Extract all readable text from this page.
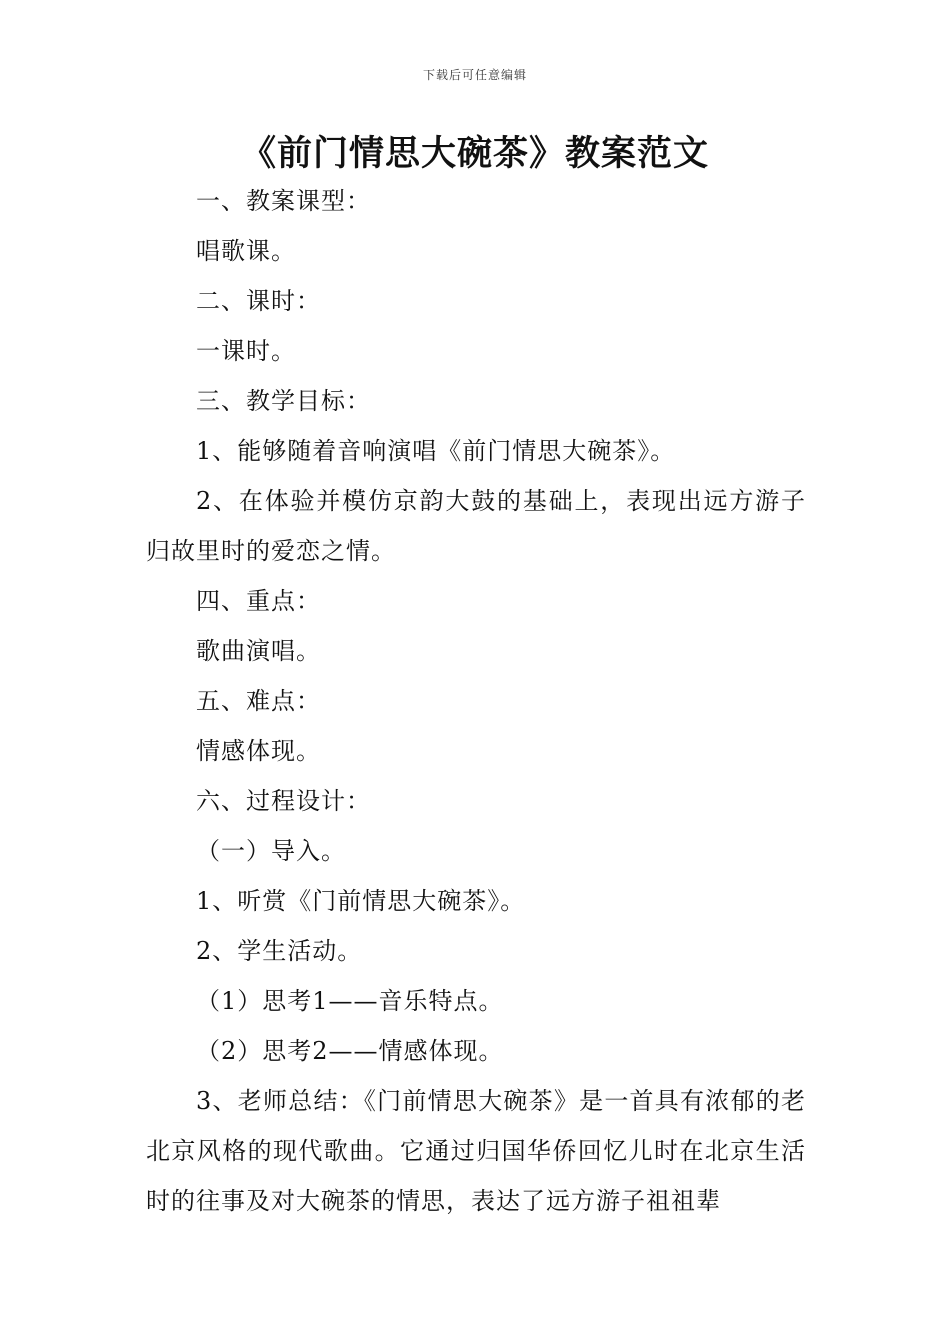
下载后可任意编辑
《前门情思大碗茶》教案范文

一、教案课型：

唱歌课。

二、课时：

一课时。

三、教学目标：

1、能够随着音响演唱《前门情思大碗茶》。

2、在体验并模仿京韵大鼓的基础上，表现出远方游子归故里时的爱恋之情。

四、重点：

歌曲演唱。

五、难点：

情感体现。

六、过程设计：

（一）导入。

1、听赏《门前情思大碗茶》。

2、学生活动。

（1）思考1——音乐特点。

（2）思考2——情感体现。

3、老师总结：《门前情思大碗茶》是一首具有浓郁的老北京风格的现代歌曲。它通过归国华侨回忆儿时在北京生活时的往事及对大碗茶的情思，表达了远方游子祖祖辈
